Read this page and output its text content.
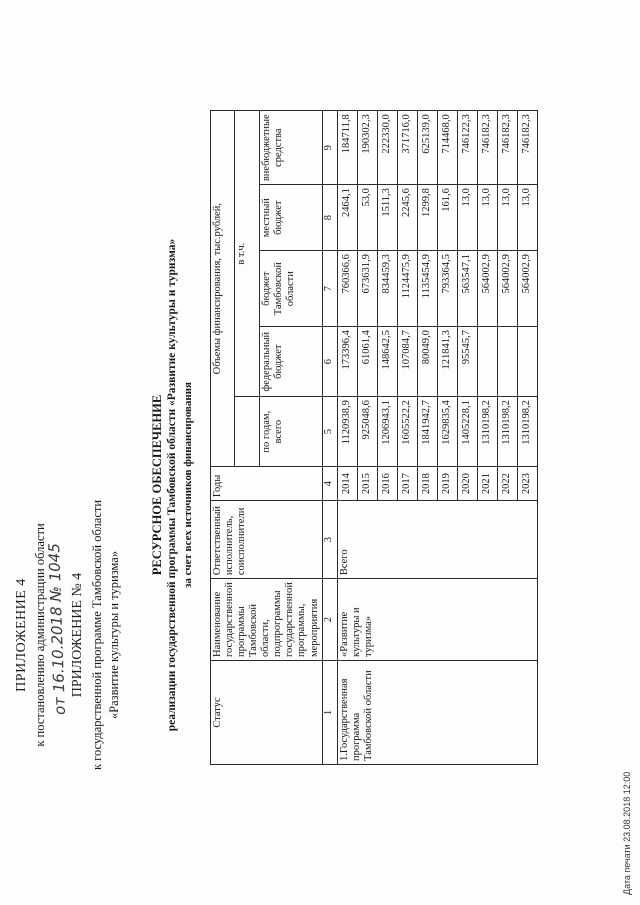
ПРИЛОЖЕНИЕ 4 к постановлению администрации области
от 16.10.2018 № 1045 ПРИЛОЖЕНИЕ № 4 к государственной программе Тамбовской области «Развитие культуры и туризма»
РЕСУРСНОЕ ОБЕСПЕЧЕНИЕ реализации государственной программы Тамбовской области «Развитие культуры и туризма» за счет всех источников финансирования
Статус	Наименование государственной программы Тамбовской области, подпрограммы государственной программы, мероприятия	Ответственный исполнитель, соисполнители	Годы	Объемы финансирования, тыс.рублей,				
					в т.ч.			
				по годам, всего	федеральный бюджет	бюджет Тамбовской области	местный бюджет	внебюджетные средства
1	2	3	4	5	6	7	8	9
1.Государственная программа Тамбовской области	«Развитие культуры и туризма»	Всего	2014	1120938,9	173396,4	760366,6	2464,1	184711,8
			2015	925048,6	61061,4	673631,9	53,0	190302,3
			2016	1206943,1	148642,5	834459,3	1511,3	222330,0
			2017	1605522,2	107084,7	1124475,9	2245,6	371716,0
			2018	1841942,7	80049,0	1135454,9	1299,8	625139,0
			2019	1629835,4	121841,3	793364,5	161,6	714468,0
			2020	1405228,1	95545,7	563547,1	13,0	746122,3
			2021	1310198,2		564002,9	13,0	746182,3
			2022	1310198,2		564002,9	13,0	746182,3
			2023	1310198,2		564002,9	13,0	746182,3
Дата печати 23.08.2018 12:00
